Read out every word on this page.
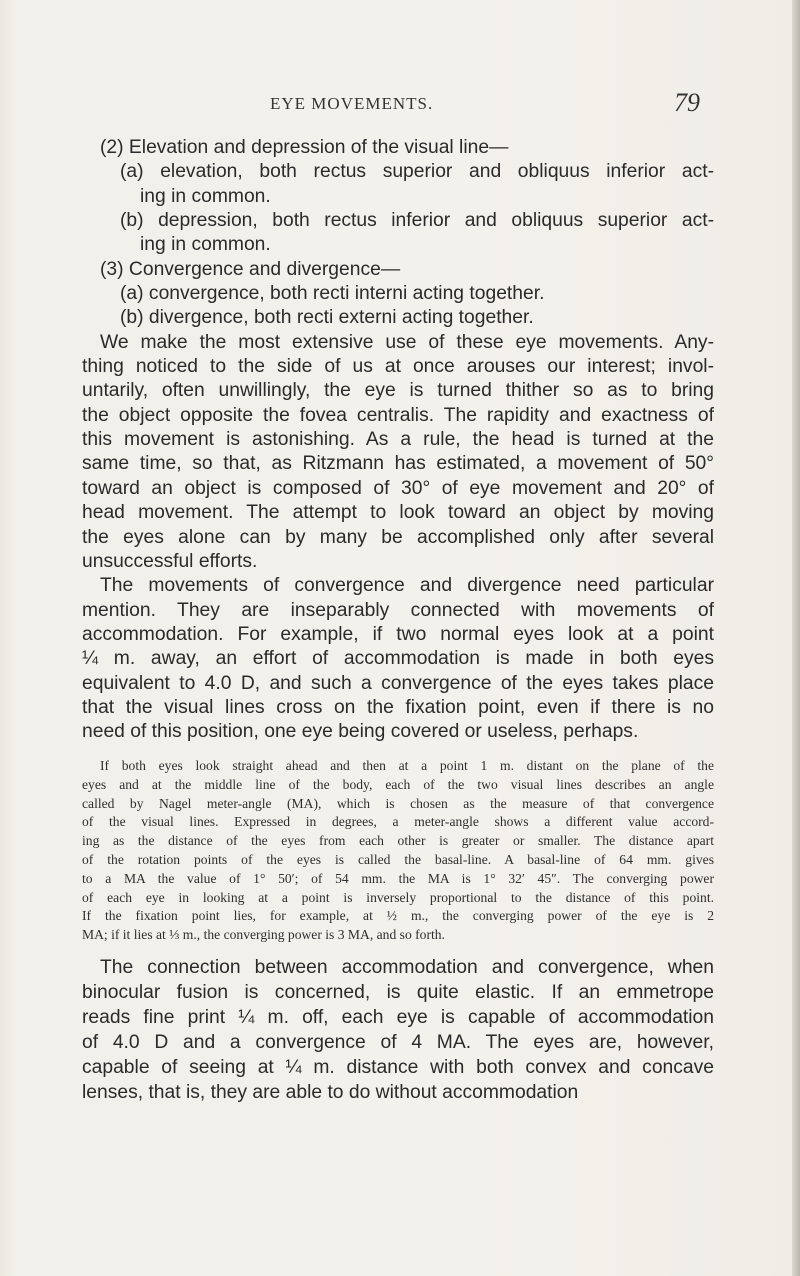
EYE MOVEMENTS.	79
(2) Elevation and depression of the visual line—
(a) elevation, both rectus superior and obliquus inferior act-
ing in common.
(b) depression, both rectus inferior and obliquus superior act-
ing in common.
(3) Convergence and divergence—
(a) convergence, both recti interni acting together.
(b) divergence, both recti externi acting together.
We make the most extensive use of these eye movements. Any-
thing noticed to the side of us at once arouses our interest; invol-
untarily, often unwillingly, the eye is turned thither so as to bring
the object opposite the fovea centralis. The rapidity and exactness of
this movement is astonishing. As a rule, the head is turned at the
same time, so that, as Ritzmann has estimated, a movement of 50°
toward an object is composed of 30° of eye movement and 20° of
head movement. The attempt to look toward an object by moving
the eyes alone can by many be accomplished only after several
unsuccessful efforts.
The movements of convergence and divergence need particular
mention. They are inseparably connected with movements of
accommodation. For example, if two normal eyes look at a point
¼ m. away, an effort of accommodation is made in both eyes
equivalent to 4.0 D, and such a convergence of the eyes takes place
that the visual lines cross on the fixation point, even if there is no
need of this position, one eye being covered or useless, perhaps.
If both eyes look straight ahead and then at a point 1 m. distant on the plane of the
eyes and at the middle line of the body, each of the two visual lines describes an angle
called by Nagel meter-angle (MA), which is chosen as the measure of that convergence
of the visual lines. Expressed in degrees, a meter-angle shows a different value accord-
ing as the distance of the eyes from each other is greater or smaller. The distance apart
of the rotation points of the eyes is called the basal-line. A basal-line of 64 mm. gives
to a MA the value of 1° 50′; of 54 mm. the MA is 1° 32′ 45″. The converging power
of each eye in looking at a point is inversely proportional to the distance of this point.
If the fixation point lies, for example, at ½ m., the converging power of the eye is 2
MA; if it lies at ⅓ m., the converging power is 3 MA, and so forth.
The connection between accommodation and convergence, when
binocular fusion is concerned, is quite elastic. If an emmetrope
reads fine print ¼ m. off, each eye is capable of accommodation
of 4.0 D and a convergence of 4 MA. The eyes are, however,
capable of seeing at ¼ m. distance with both convex and concave
lenses, that is, they are able to do without accommodation
